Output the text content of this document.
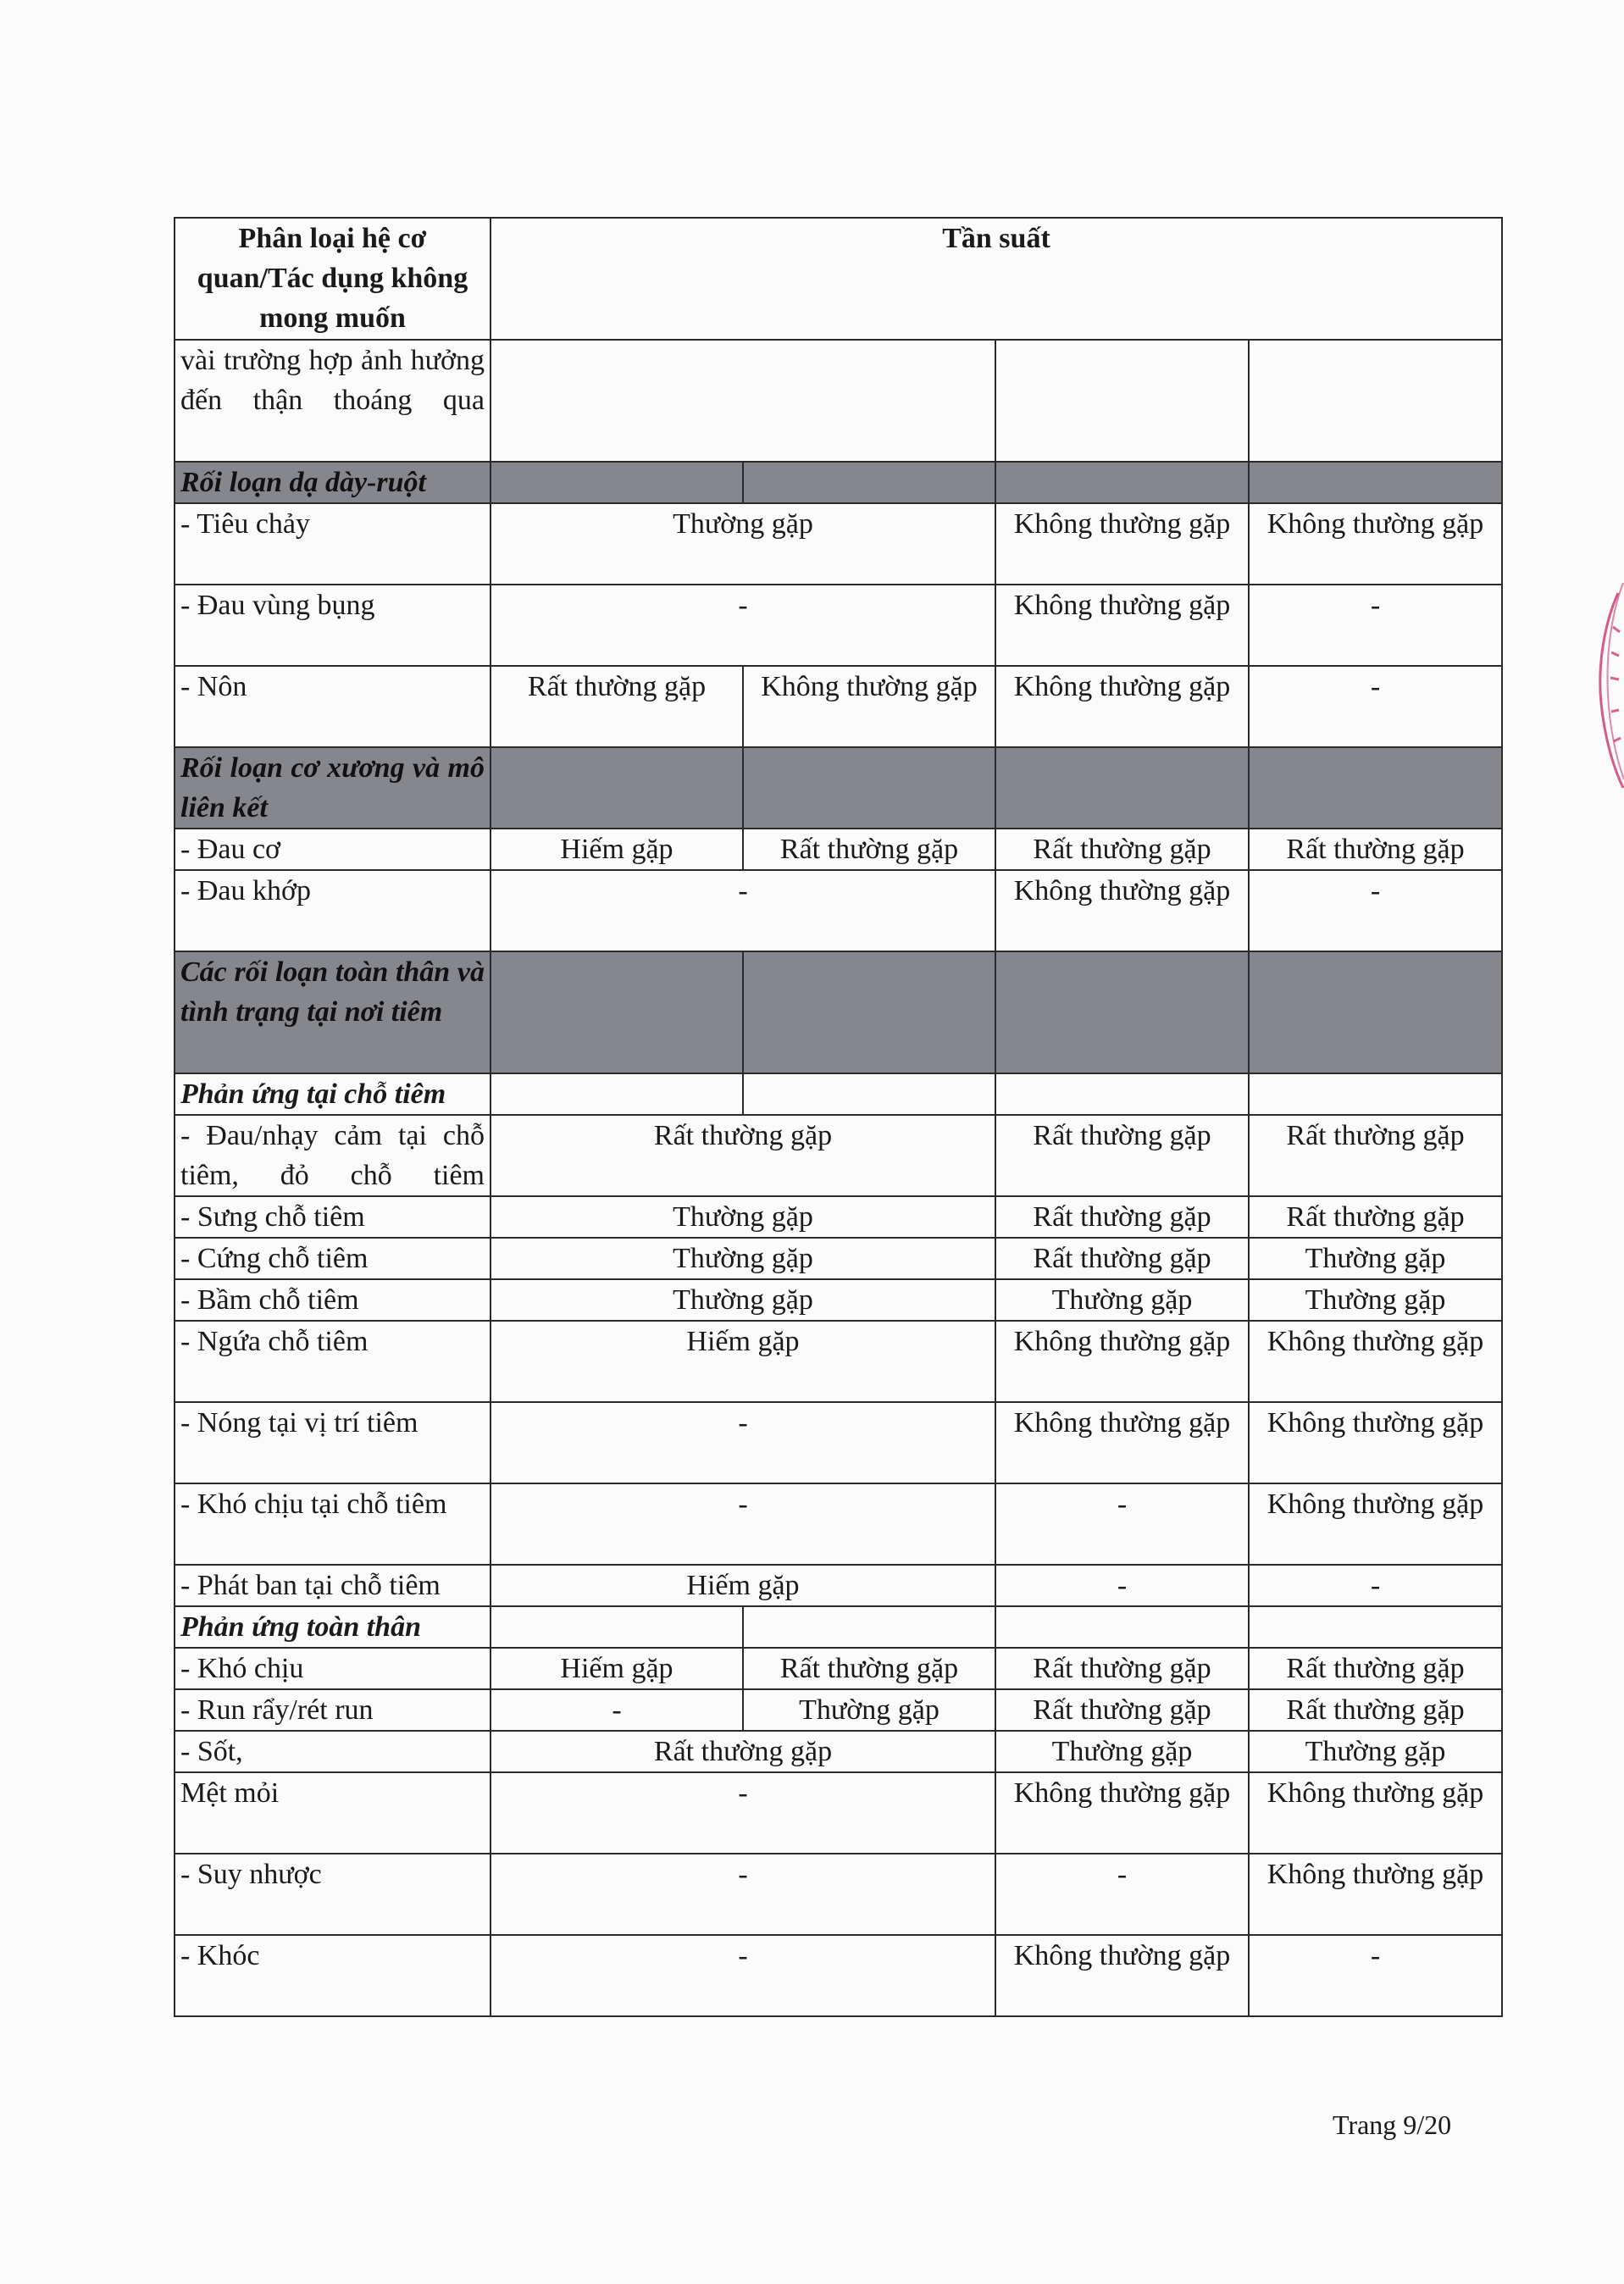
Phân loại hệ cơ quan/Tác dụng không mong muốn	Tần suất			
vài trường hợp ảnh hưởng đến thận thoáng qua				
Rối loạn dạ dày-ruột				
- Tiêu chảy	Thường gặp		Không thường gặp	Không thường gặp
- Đau vùng bụng	-		Không thường gặp	-
- Nôn	Rất thường gặp	Không thường gặp	Không thường gặp	-
Rối loạn cơ xương và mô liên kết				
- Đau cơ	Hiếm gặp	Rất thường gặp	Rất thường gặp	Rất thường gặp
- Đau khớp	-		Không thường gặp	-
Các rối loạn toàn thân và tình trạng tại nơi tiêm				
Phản ứng tại chỗ tiêm				
- Đau/nhạy cảm tại chỗ tiêm, đỏ chỗ tiêm	Rất thường gặp		Rất thường gặp	Rất thường gặp
- Sưng chỗ tiêm	Thường gặp		Rất thường gặp	Rất thường gặp
- Cứng chỗ tiêm	Thường gặp		Rất thường gặp	Thường gặp
- Bầm chỗ tiêm	Thường gặp		Thường gặp	Thường gặp
- Ngứa chỗ tiêm	Hiếm gặp		Không thường gặp	Không thường gặp
- Nóng tại vị trí tiêm	-		Không thường gặp	Không thường gặp
- Khó chịu tại chỗ tiêm	-		-	Không thường gặp
- Phát ban tại chỗ tiêm	Hiếm gặp		-	-
Phản ứng toàn thân				
- Khó chịu	Hiếm gặp	Rất thường gặp	Rất thường gặp	Rất thường gặp
- Run rẩy/rét run	-	Thường gặp	Rất thường gặp	Rất thường gặp
- Sốt,	Rất thường gặp		Thường gặp	Thường gặp
Mệt mỏi	-		Không thường gặp	Không thường gặp
- Suy nhược	-		-	Không thường gặp
- Khóc	-		Không thường gặp	-
Trang 9/20
